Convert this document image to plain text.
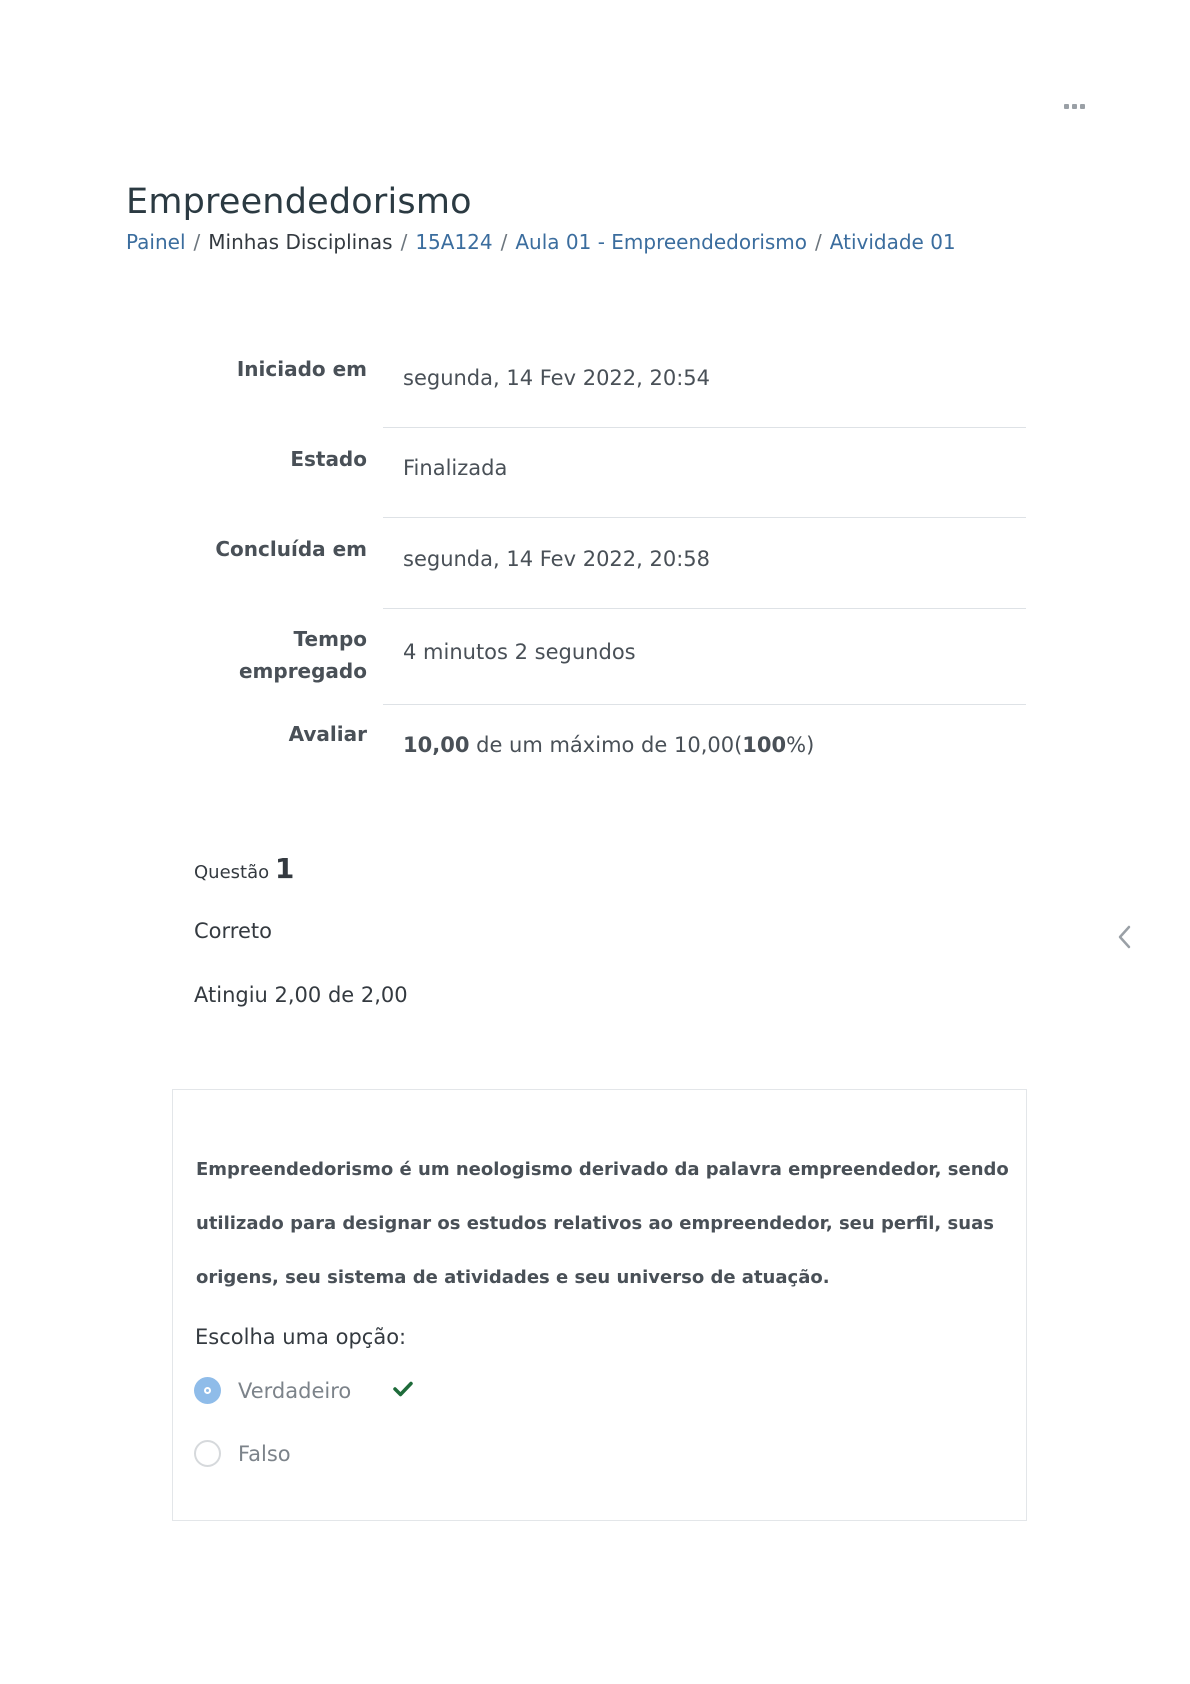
Empreendedorismo
Painel / Minhas Disciplinas / 15A124 / Aula 01 - Empreendedorismo / Atividade 01
Iniciado em segunda, 14 Fev 2022, 20:54
Estado Finalizada
Concluída em segunda, 14 Fev 2022, 20:58
Tempo
empregado
4 minutos 2 segundos
Avaliar 10,00 de um máximo de 10,00(100%)
Questão 1
Correto
Atingiu 2,00 de 2,00
Empreendedorismo é um neologismo derivado da palavra empreendedor, sendo utilizado para designar os estudos relativos ao empreendedor, seu perfil, suas origens, seu sistema de atividades e seu universo de atuação.
Escolha uma opção:
Verdadeiro
Falso
